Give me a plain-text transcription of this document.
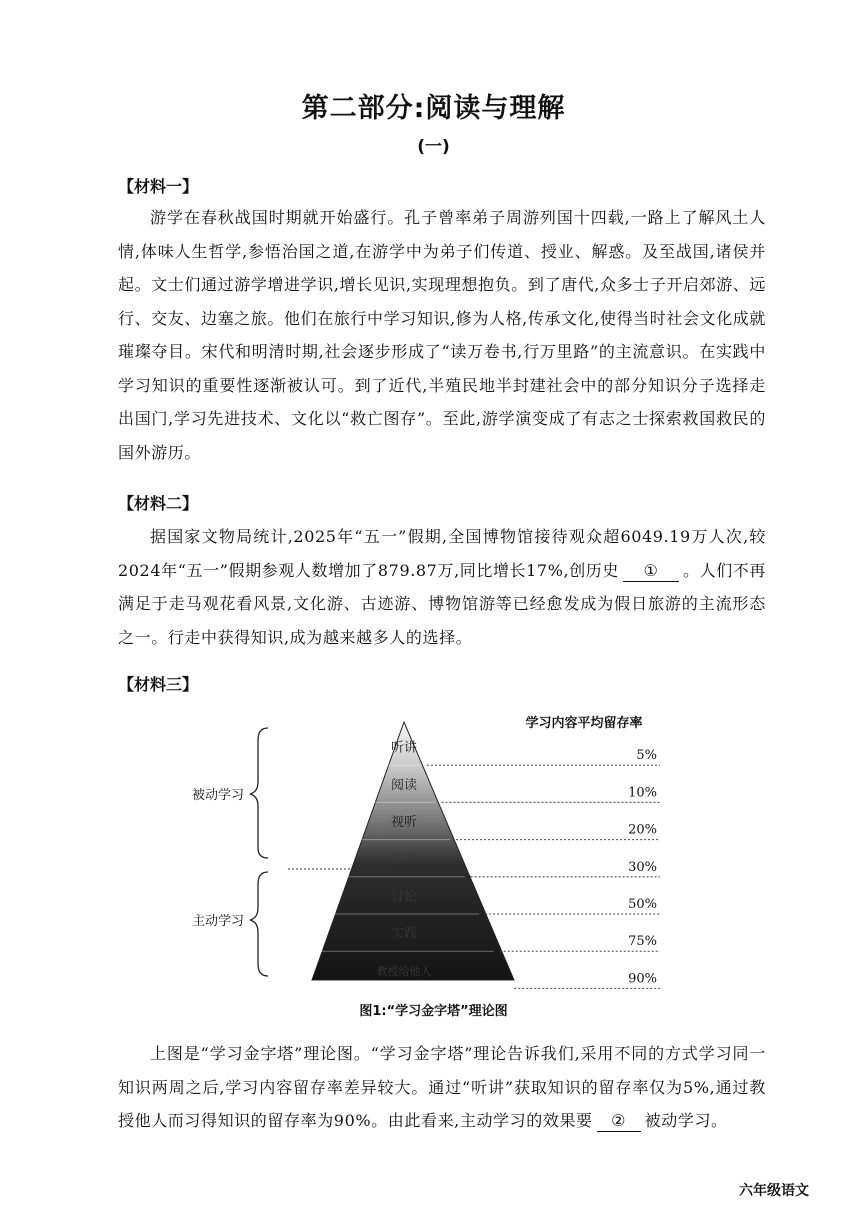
第二部分:阅读与理解
(一)
【材料一】
游学在春秋战国时期就开始盛行。孔子曾率弟子周游列国十四载,一路上了解风土人情,体味人生哲学,参悟治国之道,在游学中为弟子们传道、授业、解惑。及至战国,诸侯并起。文士们通过游学增进学识,增长见识,实现理想抱负。到了唐代,众多士子开启郊游、远行、交友、边塞之旅。他们在旅行中学习知识,修为人格,传承文化,使得当时社会文化成就璀璨夺目。宋代和明清时期,社会逐步形成了“读万卷书,行万里路”的主流意识。在实践中学习知识的重要性逐渐被认可。到了近代,半殖民地半封建社会中的部分知识分子选择走出国门,学习先进技术、文化以“救亡图存”。至此,游学演变成了有志之士探索救国救民的国外游历。
【材料二】
据国家文物局统计,2025年“五一”假期,全国博物馆接待观众超6049.19万人次,较2024年“五一”假期参观人数增加了879.87万,同比增长17%,创历史 ① 。人们不再满足于走马观花看风景,文化游、古迹游、博物馆游等已经愈发成为假日旅游的主流形态之一。行走中获得知识,成为越来越多人的选择。
【材料三】
听讲
阅读
视听
演示
讨论
实践
教授给他人
5%
10%
20%
30%
50%
75%
90%
被动学习
主动学习
学习内容平均留存率
图1:“学习金字塔”理论图
上图是“学习金字塔”理论图。“学习金字塔”理论告诉我们,采用不同的方式学习同一知识两周之后,学习内容留存率差异较大。通过“听讲”获取知识的留存率仅为5%,通过教授他人而习得知识的留存率为90%。由此看来,主动学习的效果要 ② 被动学习。
六年级语文
